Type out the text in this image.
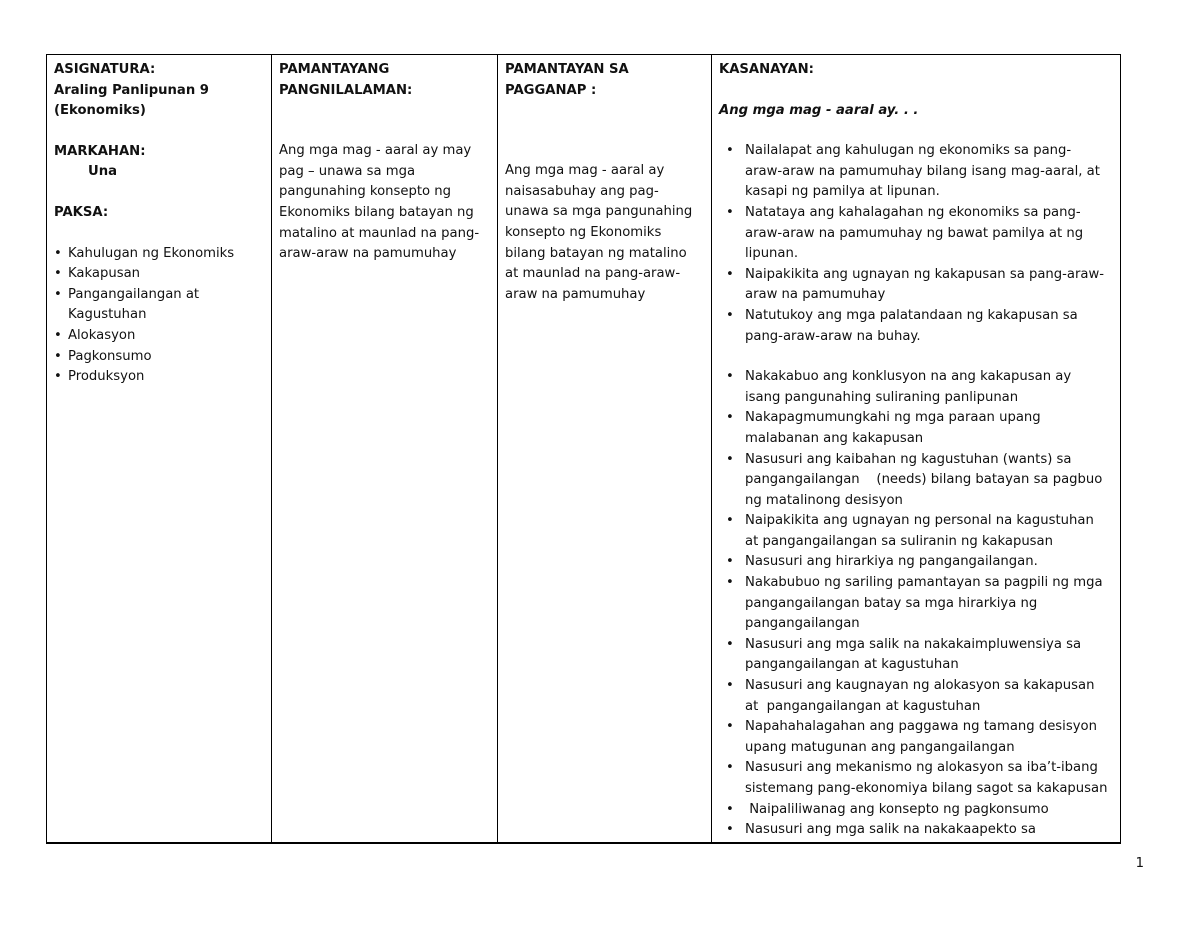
ASIGNATURA:
Araling Panlipunan 9
(Ekonomiks)
MARKAHAN:
Una
PAKSA:
• Kahulugan ng Ekonomiks
• Kakapusan
• Pangangailangan at
Kagustuhan
• Alokasyon
• Pagkonsumo
• Produksyon

PAMANTAYANG
PANGNILALAMAN:
Ang mga mag - aaral ay may
pag – unawa sa mga
pangunahing konsepto ng
Ekonomiks bilang batayan ng
matalino at maunlad na pang-
araw-araw na pamumuhay

PAMANTAYAN SA
PAGGANAP :
Ang mga mag - aaral ay
naisasabuhay ang pag-
unawa sa mga pangunahing
konsepto ng Ekonomiks
bilang batayan ng matalino
at maunlad na pang-araw-
araw na pamumuhay

KASANAYAN:
Ang mga mag - aaral ay. . .
• Nailalapat ang kahulugan ng ekonomiks sa pang-
araw-araw na pamumuhay bilang isang mag-aaral, at
kasapi ng pamilya at lipunan.
• Natataya ang kahalagahan ng ekonomiks sa pang-
araw-araw na pamumuhay ng bawat pamilya at ng
lipunan.
• Naipakikita ang ugnayan ng kakapusan sa pang-araw-
araw na pamumuhay
• Natutukoy ang mga palatandaan ng kakapusan sa
pang-araw-araw na buhay.
• Nakakabuo ang konklusyon na ang kakapusan ay
isang pangunahing suliraning panlipunan
• Nakapagmumungkahi ng mga paraan upang
malabanan ang kakapusan
• Nasusuri ang kaibahan ng kagustuhan (wants) sa
pangangailangan    (needs) bilang batayan sa pagbuo
ng matalinong desisyon
• Naipakikita ang ugnayan ng personal na kagustuhan
at pangangailangan sa suliranin ng kakapusan
• Nasusuri ang hirarkiya ng pangangailangan.
• Nakabubuo ng sariling pamantayan sa pagpili ng mga
pangangailangan batay sa mga hirarkiya ng
pangangailangan
• Nasusuri ang mga salik na nakakaimpluwensiya sa
pangangailangan at kagustuhan
• Nasusuri ang kaugnayan ng alokasyon sa kakapusan
at  pangangailangan at kagustuhan
• Napahahalagahan ang paggawa ng tamang desisyon
upang matugunan ang pangangailangan
• Nasusuri ang mekanismo ng alokasyon sa iba’t-ibang
sistemang pang-ekonomiya bilang sagot sa kakapusan
•  Naipaliliwanag ang konsepto ng pagkonsumo
• Nasusuri ang mga salik na nakakaapekto sa
1
